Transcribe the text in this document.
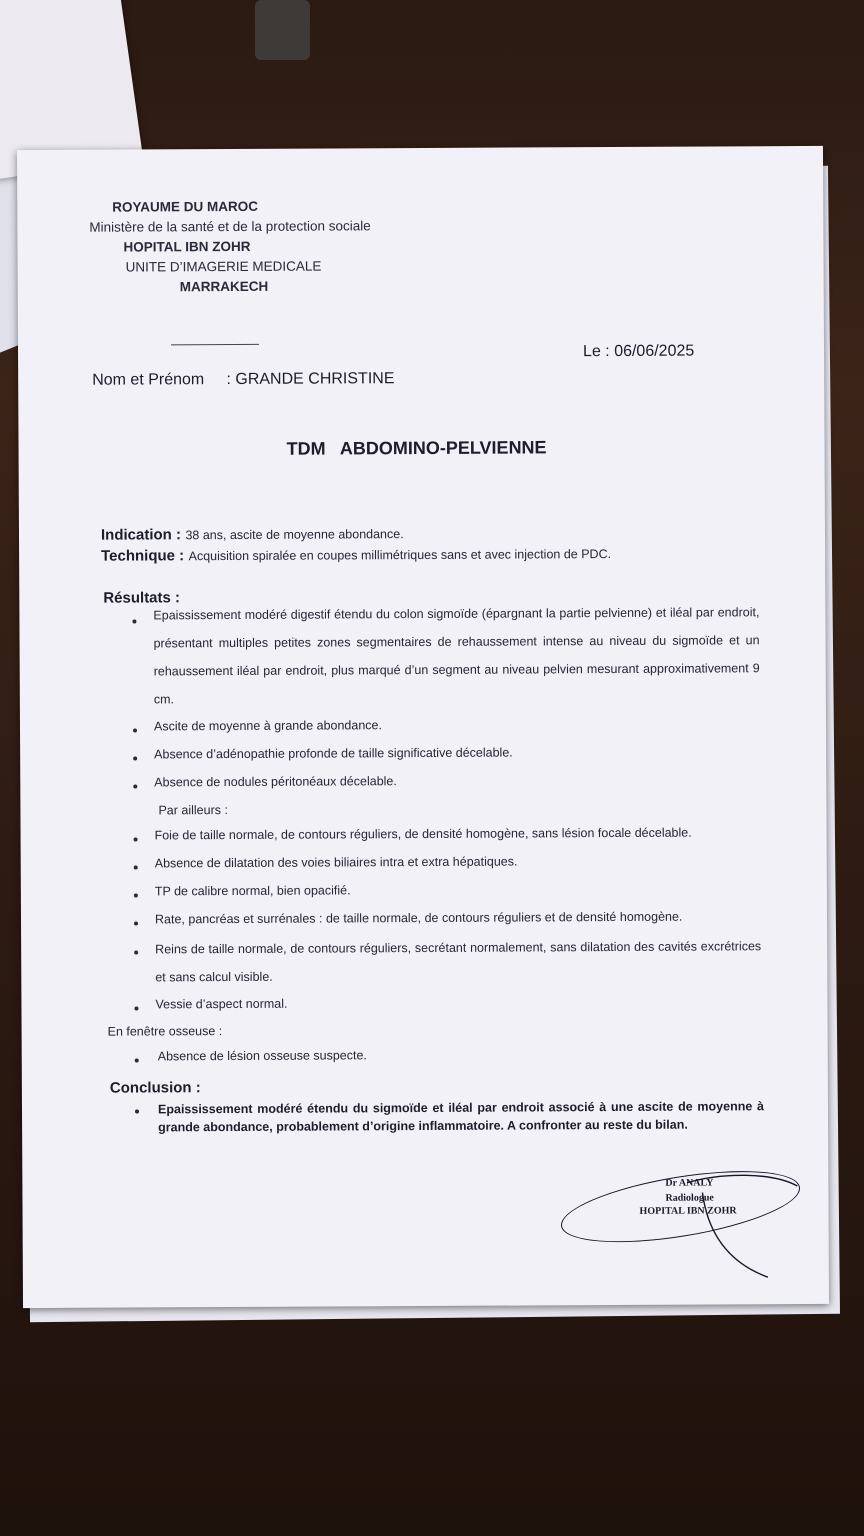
ROYAUME DU MAROC
Ministère de la santé et de la protection sociale
HOPITAL IBN ZOHR
UNITE D’IMAGERIE MEDICALE
MARRAKECH
Le : 06/06/2025
Nom et Prénom : GRANDE CHRISTINE
TDM   ABDOMINO-PELVIENNE
Indication : 38 ans, ascite de moyenne abondance.
Technique : Acquisition spiralée en coupes millimétriques sans et avec injection de PDC.
Résultats :
Epaississement modéré digestif étendu du colon sigmoïde (épargnant la partie pelvienne) et iléal par endroit, présentant multiples petites zones segmentaires de rehaussement intense au niveau du sigmoïde et un rehaussement iléal par endroit, plus marqué d’un segment au niveau pelvien mesurant approximativement 9 cm.
Ascite de moyenne à grande abondance.
Absence d’adénopathie profonde de taille significative décelable.
Absence de nodules péritonéaux décelable.
Par ailleurs :
Foie de taille normale, de contours réguliers, de densité homogène, sans lésion focale décelable.
Absence de dilatation des voies biliaires intra et extra hépatiques.
TP de calibre normal, bien opacifié.
Rate, pancréas et surrénales : de taille normale, de contours réguliers et de densité homogène.
Reins de taille normale, de contours réguliers, secrétant normalement, sans dilatation des cavités excrétrices et sans calcul visible.
Vessie d’aspect normal.
En fenêtre osseuse :
Absence de lésion osseuse suspecte.
Conclusion :
Epaississement modéré étendu du sigmoïde et iléal par endroit associé à une ascite de moyenne à grande abondance, probablement d’origine inflammatoire. A confronter au reste du bilan.
Dr ANALY
Radiologue
HOPITAL IBN ZOHR
